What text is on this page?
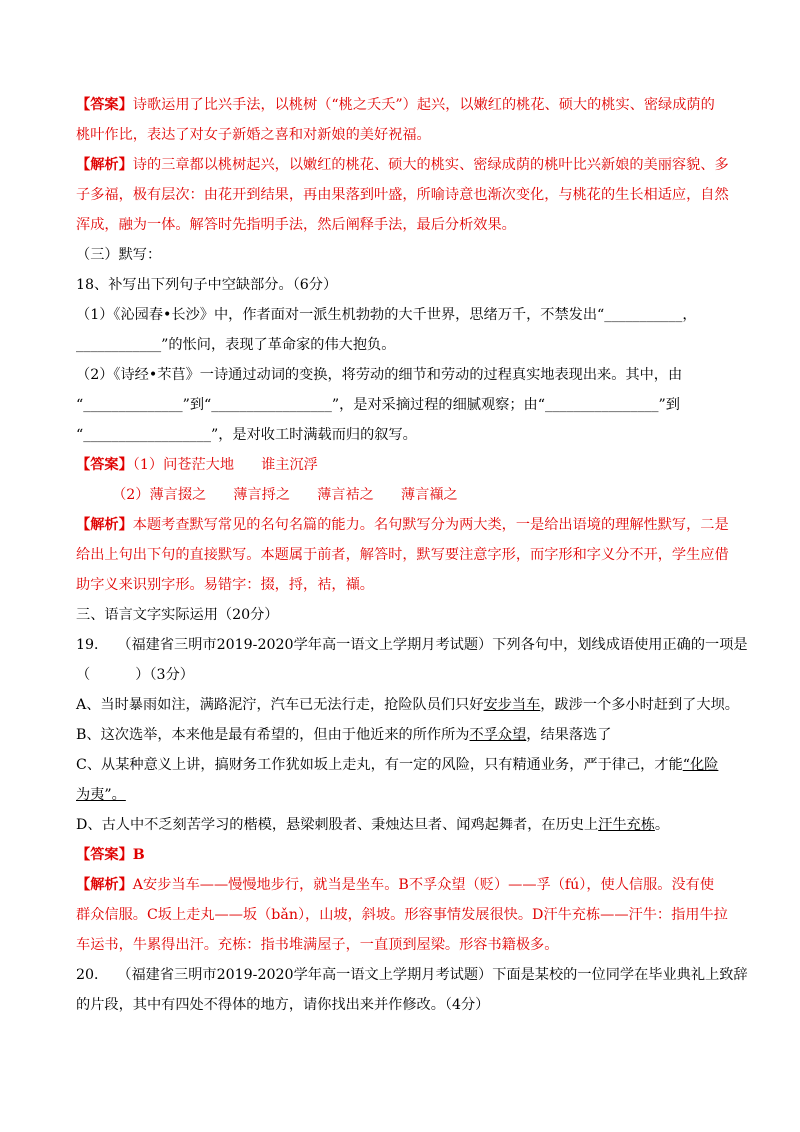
【答案】诗歌运用了比兴手法，以桃树（“桃之夭夭”）起兴，以嫩红的桃花、硕大的桃实、密绿成荫的
桃叶作比，表达了对女子新婚之喜和对新娘的美好祝福。
【解析】诗的三章都以桃树起兴，以嫩红的桃花、硕大的桃实、密绿成荫的桃叶比兴新娘的美丽容貌、多
子多福，极有层次：由花开到结果，再由果落到叶盛，所喻诗意也渐次变化，与桃花的生长相适应，自然
浑成，融为一体。解答时先指明手法，然后阐释手法，最后分析效果。
（三）默写：
18、补写出下列句子中空缺部分。（6分）
（1）《沁园春•长沙》中，作者面对一派生机勃勃的大千世界，思绪万千，不禁发出“___________，
____________”的怅问，表现了革命家的伟大抱负。
（2）《诗经•芣苢》一诗通过动词的变换，将劳动的细节和劳动的过程真实地表现出来。其中，由
“______________”到“_________________”，是对采摘过程的细腻观察；由“________________”到
“__________________”，是对收工时满载而归的叙写。
【答案】（1）问苍茫大地      谁主沉浮
（2）薄言掇之      薄言捋之      薄言袺之      薄言襭之
【解析】本题考查默写常见的名句名篇的能力。名句默写分为两大类，一是给出语境的理解性默写，二是
给出上句出下句的直接默写。本题属于前者，解答时，默写要注意字形，而字形和字义分不开，学生应借
助字义来识别字形。易错字：掇，捋，袺，襭。
三、语言文字实际运用（20分）
19．  （福建省三明市2019-2020学年高一语文上学期月考试题）下列各句中，划线成语使用正确的一项是
（          ）（3分）
A、当时暴雨如注，满路泥泞，汽车已无法行走，抢险队员们只好安步当车，跋涉一个多小时赶到了大坝。
B、这次选举，本来他是最有希望的，但由于他近来的所作所为不孚众望，结果落选了
C、从某种意义上讲，搞财务工作犹如坂上走丸，有一定的风险，只有精通业务，严于律己，才能“化险
为夷”。
D、古人中不乏刻苦学习的楷模，悬梁刺股者、秉烛达旦者、闻鸡起舞者，在历史上汗牛充栋。
【答案】B
【解析】A安步当车——慢慢地步行，就当是坐车。B不孚众望（贬）——孚（fú），使人信服。没有使
群众信服。C坂上走丸——坂（bǎn），山坡，斜坡。形容事情发展很快。D汗牛充栋——汗牛：指用牛拉
车运书，牛累得出汗。充栋：指书堆满屋子，一直顶到屋梁。形容书籍极多。
20．  （福建省三明市2019-2020学年高一语文上学期月考试题）下面是某校的一位同学在毕业典礼上致辞
的片段，其中有四处不得体的地方，请你找出来并作修改。（4分）
